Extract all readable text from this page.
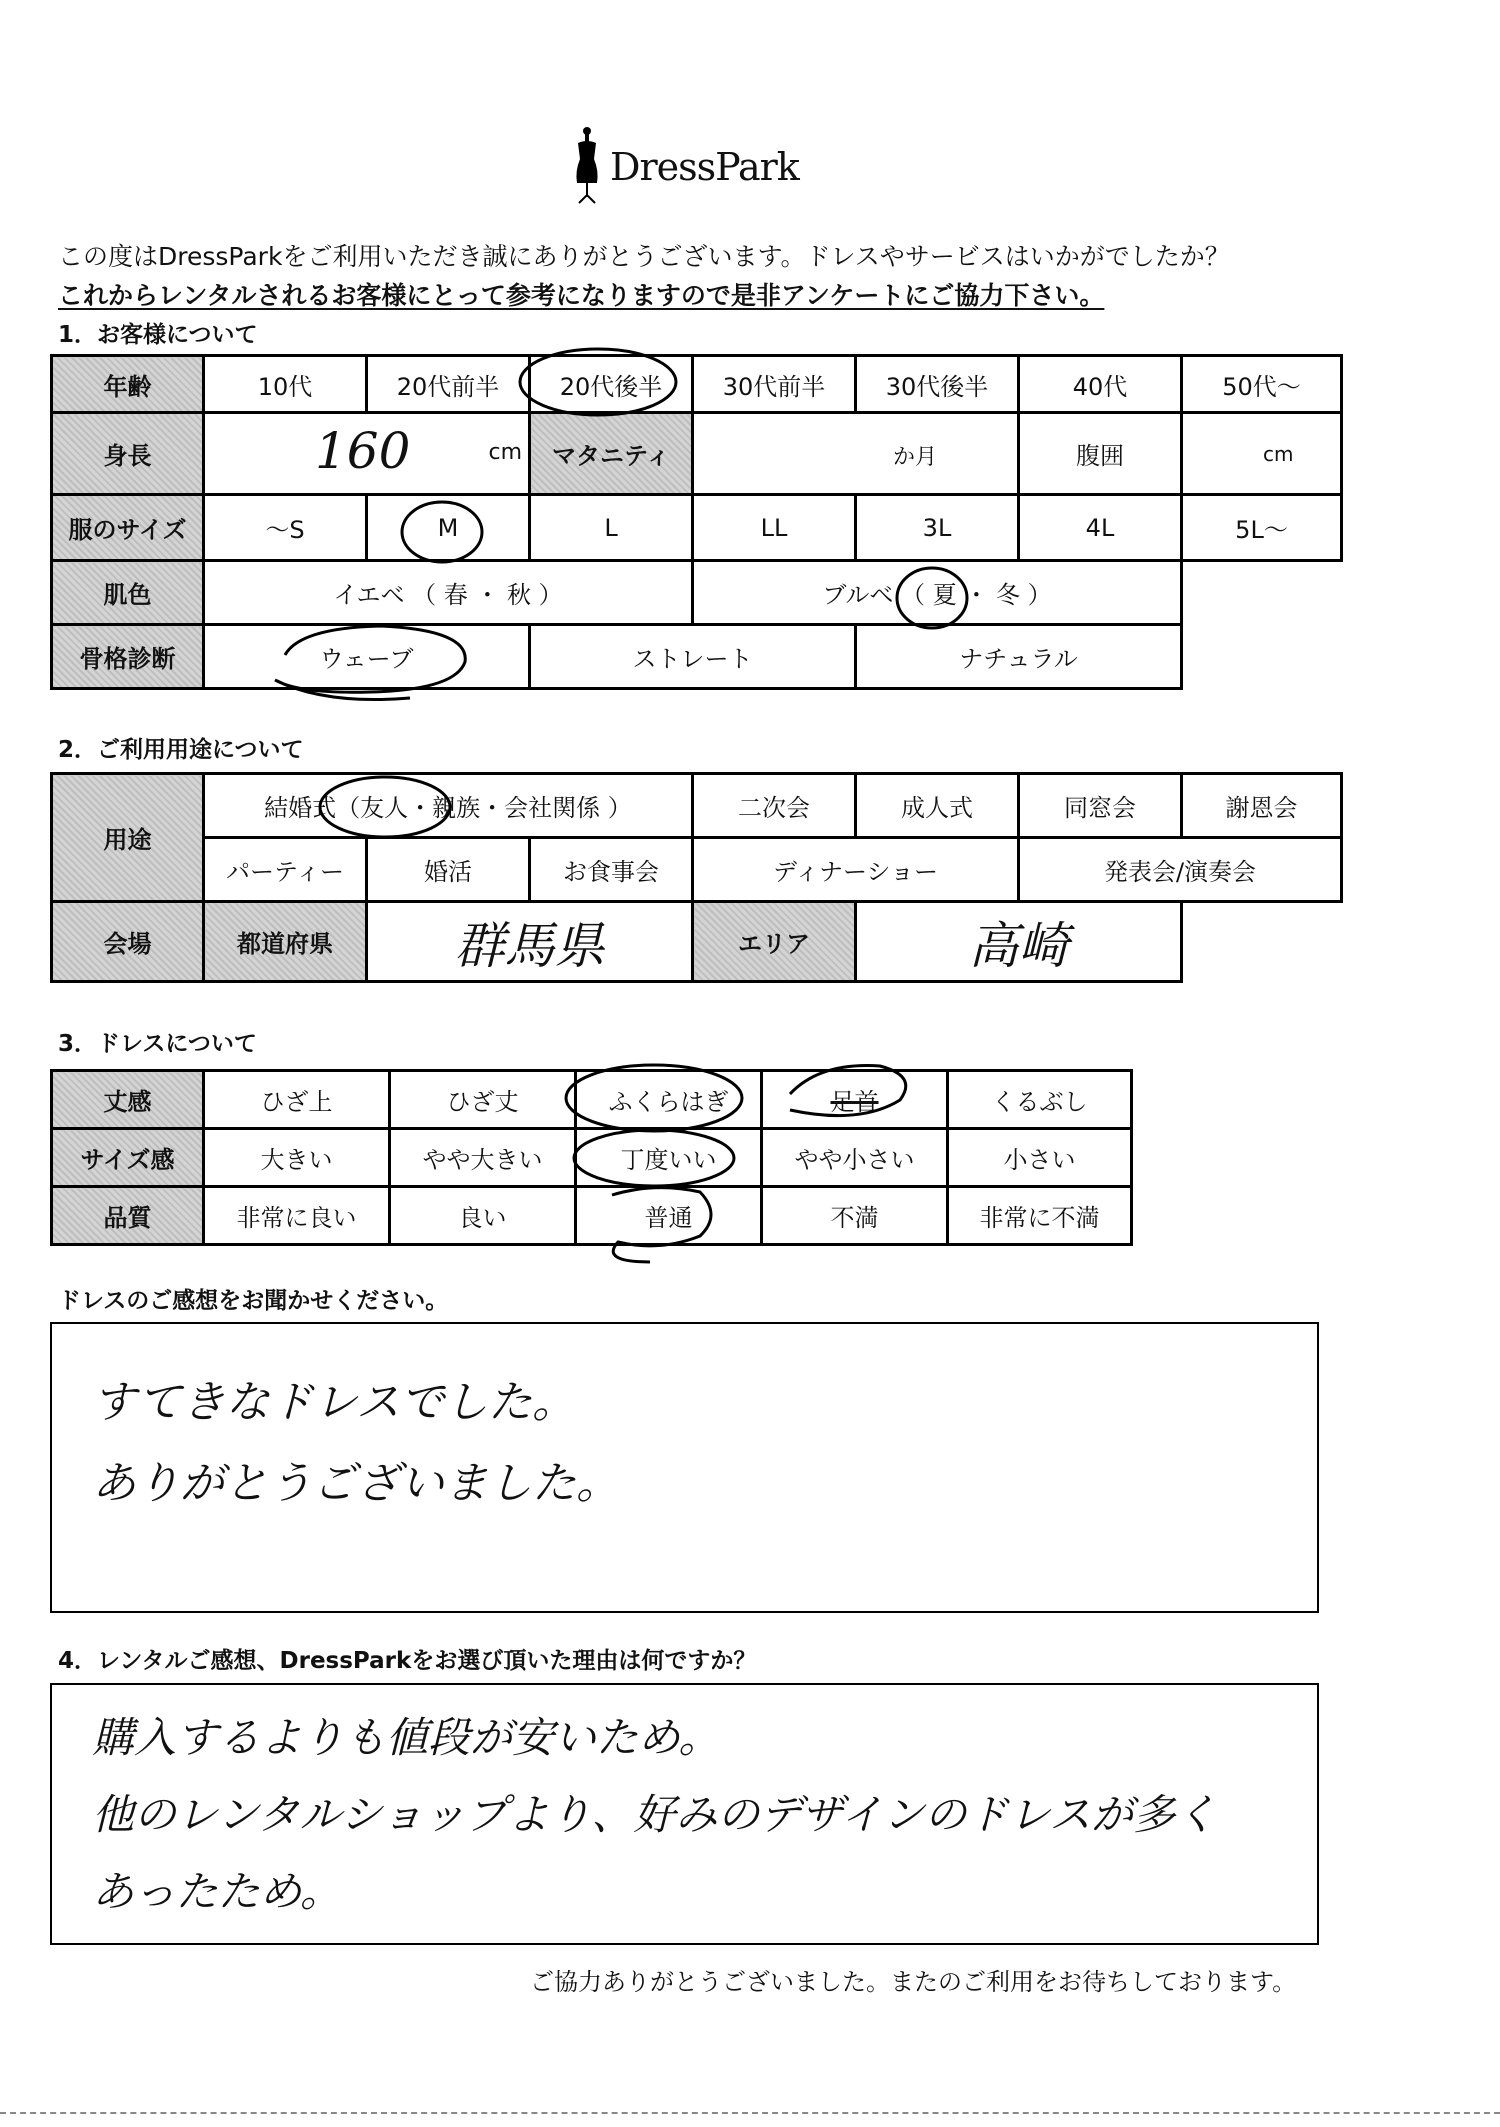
DressPark
この度はDressParkをご利用いただき誠にありがとうございます。ドレスやサービスはいかがでしたか？
これからレンタルされるお客様にとって参考になりますので是非アンケートにご協力下さい。
1．お客様について
年齢	10代	20代前半	20代後半	30代前半	30代後半	40代	50代～
身長	160 cm		マタニティ	か月		腹囲	cm

服のサイズ	～S	M	L	LL	3L	4L	5L～
肌色	イエベ （ 春 ・ 秋 ）			ブルベ （ 夏 ・ 冬 ）			
骨格診断	ウェーブ		ストレート		ナチュラル		
2．ご利用用途について
用途	結婚式（友人・親族・会社関係 ）			二次会	成人式	同窓会	謝恩会
	パーティー	婚活	お食事会	ディナーショー		発表会/演奏会	
会場	都道府県	群馬県		エリア	高崎		
3．ドレスについて
丈感	ひざ上	ひざ丈	ふくらはぎ	足首	くるぶし
サイズ感	大きい	やや大きい	丁度いい	やや小さい	小さい
品質	非常に良い	良い	普通	不満	非常に不満
ドレスのご感想をお聞かせください。
すてきなドレスでした。
ありがとうございました。
4．レンタルご感想、DressParkをお選び頂いた理由は何ですか？
購入するよりも値段が安いため。
他のレンタルショップより、好みのデザインのドレスが多く
あったため。
ご協力ありがとうございました。またのご利用をお待ちしております。
